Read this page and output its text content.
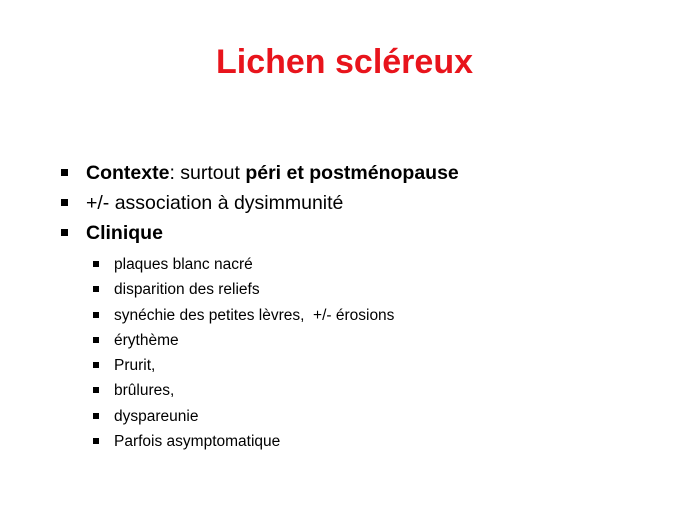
Lichen scléreux
Contexte: surtout péri et postménopause
+/- association à dysimmunité
Clinique
plaques blanc nacré
disparition des reliefs
synéchie des petites lèvres,  +/- érosions
érythème
Prurit,
brûlures,
dyspareunie
Parfois asymptomatique
